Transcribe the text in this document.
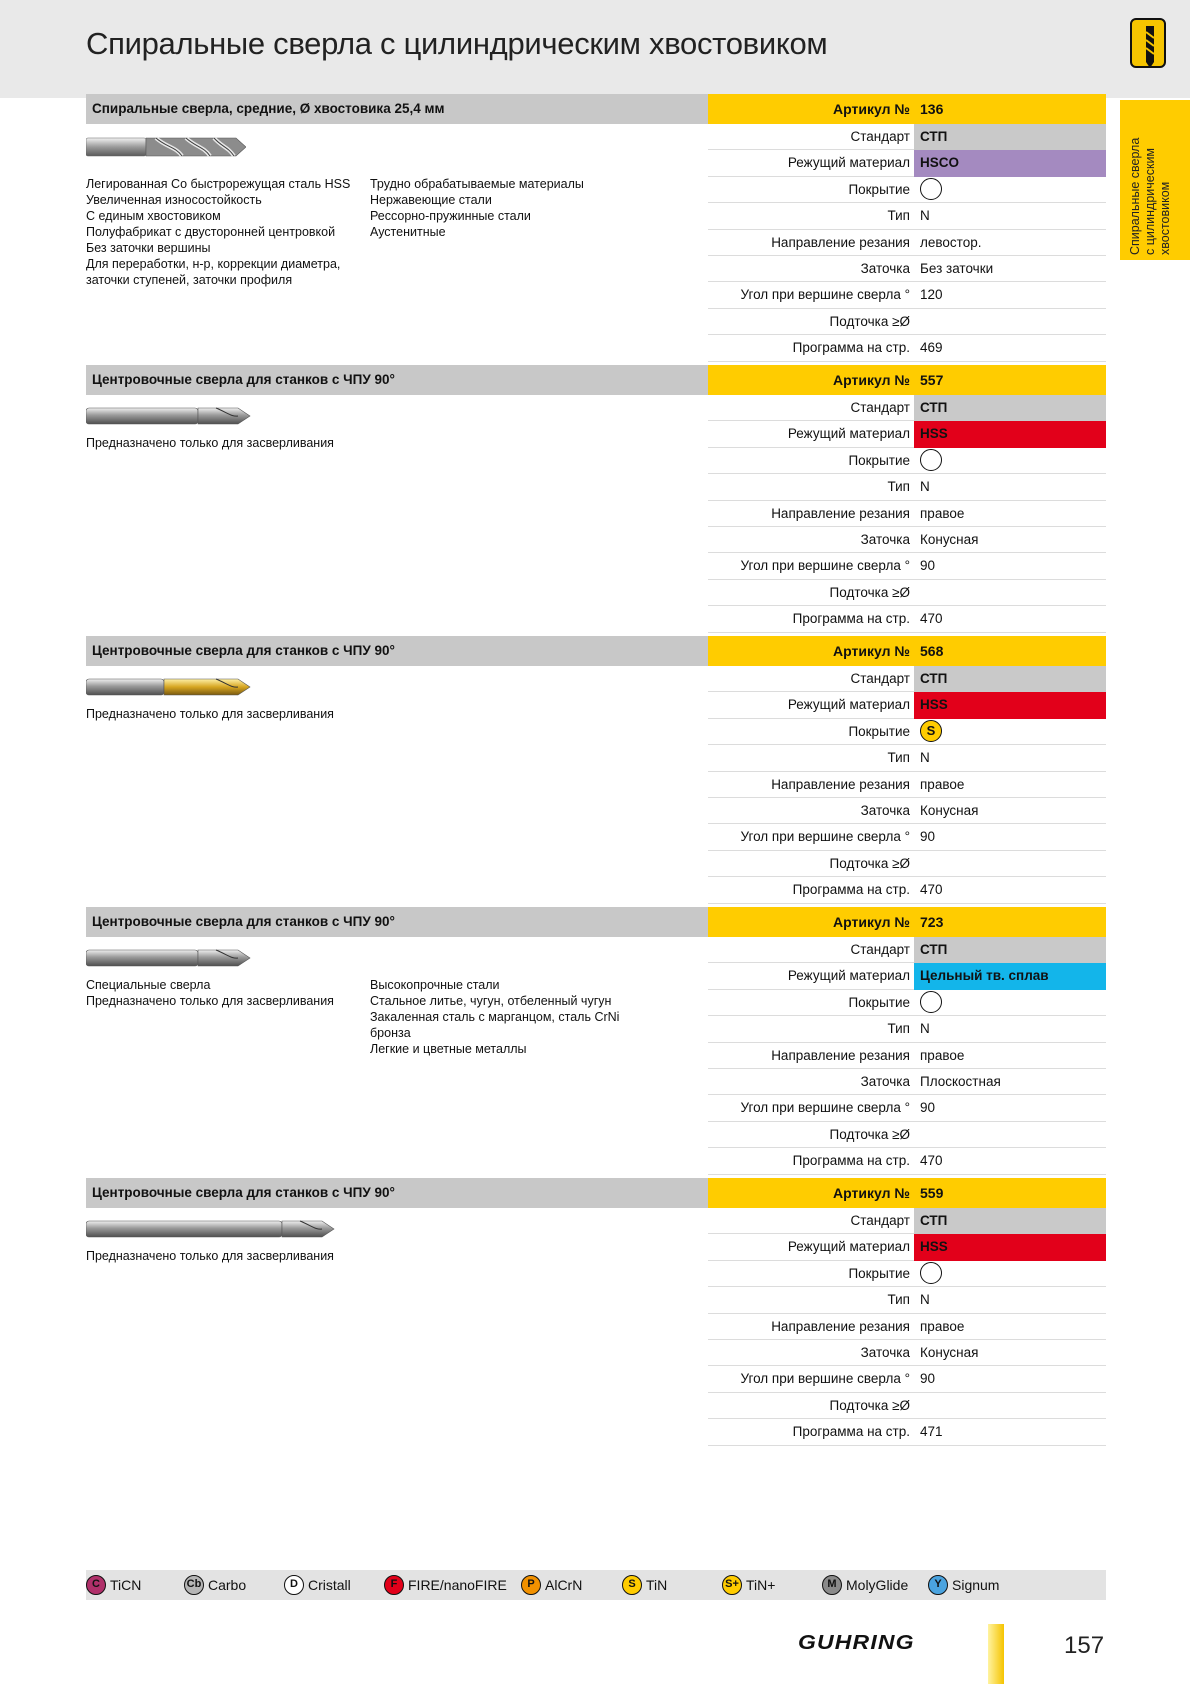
Спиральные сверла с цилиндрическим хвостовиком
Спиральные сверла с цилиндрическим хвостовиком
Спиральные сверла, средние, Ø хвостовика 25,4 мм
Легированная Co быстрорежущая сталь HSS
Увеличенная износостойкость
С единым хвостовиком
Полуфабрикат с двусторонней центровкой
Без заточки вершины
Для переработки, н-р, коррекции диаметра,
заточки ступеней, заточки профиля
Трудно обрабатываемые материалы
Нержавеющие стали
Рессорно-пружинные стали
Аустенитные
Артикул № 136
Стандарт СТП
Режущий материал HSCO
Покрытие
Тип N
Направление резания левостор.
Заточка Без заточки
Угол при вершине сверла ° 120
Подточка ≥Ø
Программа на стр. 469
Центровочные сверла для станков с ЧПУ 90°
Предназначено только для засверливания
Артикул № 557
Стандарт СТП
Режущий материал HSS
Покрытие
Тип N
Направление резания правое
Заточка Конусная
Угол при вершине сверла ° 90
Подточка ≥Ø
Программа на стр. 470
Центровочные сверла для станков с ЧПУ 90°
Предназначено только для засверливания
Артикул № 568
Стандарт СТП
Режущий материал HSS
Покрытие	S
Тип N
Направление резания правое
Заточка Конусная
Угол при вершине сверла ° 90
Подточка ≥Ø
Программа на стр. 470
Центровочные сверла для станков с ЧПУ 90°
Специальные сверла
Предназначено только для засверливания
Высокопрочные стали
Стальное литье, чугун, отбеленный чугун
Закаленная сталь с марганцом, сталь CrNi
бронза
Легкие и цветные металлы
Артикул № 723
Стандарт СТП
Режущий материал Цельный тв. сплав
Покрытие
Тип N
Направление резания правое
Заточка Плоскостная
Угол при вершине сверла ° 90
Подточка ≥Ø
Программа на стр. 470
Центровочные сверла для станков с ЧПУ 90°
Предназначено только для засверливания
Артикул № 559
Стандарт СТП
Режущий материал HSS
Покрытие
Тип N
Направление резания правое
Заточка Конусная
Угол при вершине сверла ° 90
Подточка ≥Ø
Программа на стр. 471
C TiCN	Cb Carbo	D Cristall	F FIRE/nanoFIRE	P AlCrN	S TiN	S+ TiN+	M MolyGlide	Y Signum
GUHRING	157
